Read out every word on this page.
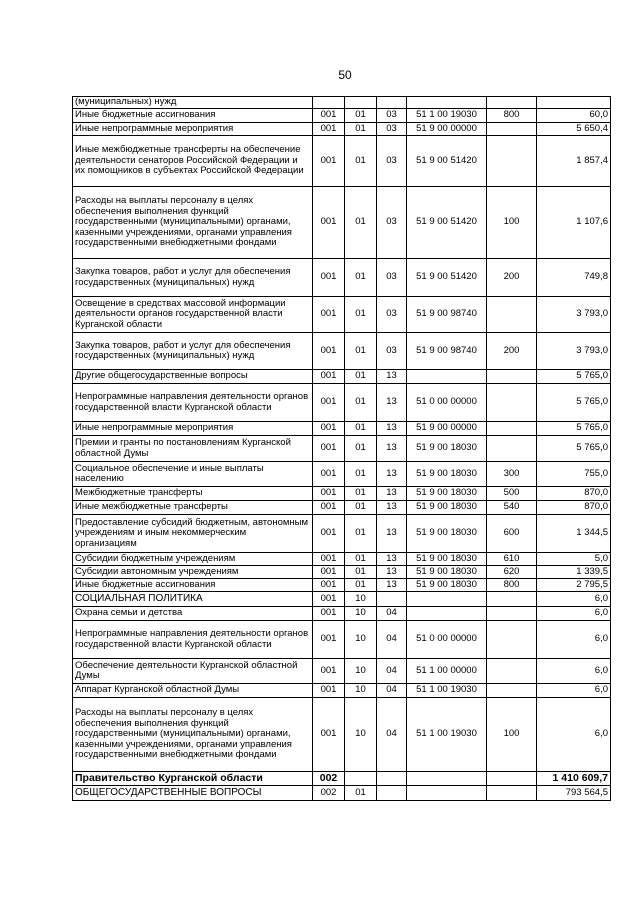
50
(муниципальных) нужд						
Иные бюджетные ассигнования	001	01	03	51 1 00 19030	800	60,0
Иные непрограммные мероприятия	001	01	03	51 9 00 00000		5 650,4
Иные межбюджетные трансферты на обеспечение деятельности сенаторов Российской Федерации и их помощников в субъектах Российской Федерации	001	01	03	51 9 00 51420		1 857,4
Расходы на выплаты персоналу в целях обеспечения выполнения функций государственными (муниципальными) органами, казенными учреждениями, органами управления государственными внебюджетными фондами	001	01	03	51 9 00 51420	100	1 107,6
Закупка товаров, работ и услуг для обеспечения государственных (муниципальных) нужд	001	01	03	51 9 00 51420	200	749,8
Освещение в средствах массовой информации деятельности органов государственной власти Курганской области	001	01	03	51 9 00 98740		3 793,0
Закупка товаров, работ и услуг для обеспечения государственных (муниципальных) нужд	001	01	03	51 9 00 98740	200	3 793,0
Другие общегосударственные вопросы	001	01	13			5 765,0
Непрограммные направления деятельности органов государственной власти Курганской области	001	01	13	51 0 00 00000		5 765,0
Иные непрограммные мероприятия	001	01	13	51 9 00 00000		5 765,0
Премии и гранты по постановлениям Курганской областной Думы	001	01	13	51 9 00 18030		5 765,0
Социальное обеспечение и иные выплаты населению	001	01	13	51 9 00 18030	300	755,0
Межбюджетные трансферты	001	01	13	51 9 00 18030	500	870,0
Иные межбюджетные трансферты	001	01	13	51 9 00 18030	540	870,0
Предоставление субсидий бюджетным, автономным учреждениям и иным некоммерческим организациям	001	01	13	51 9 00 18030	600	1 344,5
Субсидии бюджетным учреждениям	001	01	13	51 9 00 18030	610	5,0
Субсидии автономным учреждениям	001	01	13	51 9 00 18030	620	1 339,5
Иные бюджетные ассигнования	001	01	13	51 9 00 18030	800	2 795,5
СОЦИАЛЬНАЯ ПОЛИТИКА	001	10				6,0
Охрана семьи и детства	001	10	04			6,0
Непрограммные направления деятельности органов государственной власти Курганской области	001	10	04	51 0 00 00000		6,0
Обеспечение деятельности Курганской областной Думы	001	10	04	51 1 00 00000		6,0
Аппарат Курганской областной Думы	001	10	04	51 1 00 19030		6,0
Расходы на выплаты персоналу в целях обеспечения выполнения функций государственными (муниципальными) органами, казенными учреждениями, органами управления государственными внебюджетными фондами	001	10	04	51 1 00 19030	100	6,0
Правительство Курганской области	002					1 410 609,7
ОБЩЕГОСУДАРСТВЕННЫЕ ВОПРОСЫ	002	01				793 564,5
